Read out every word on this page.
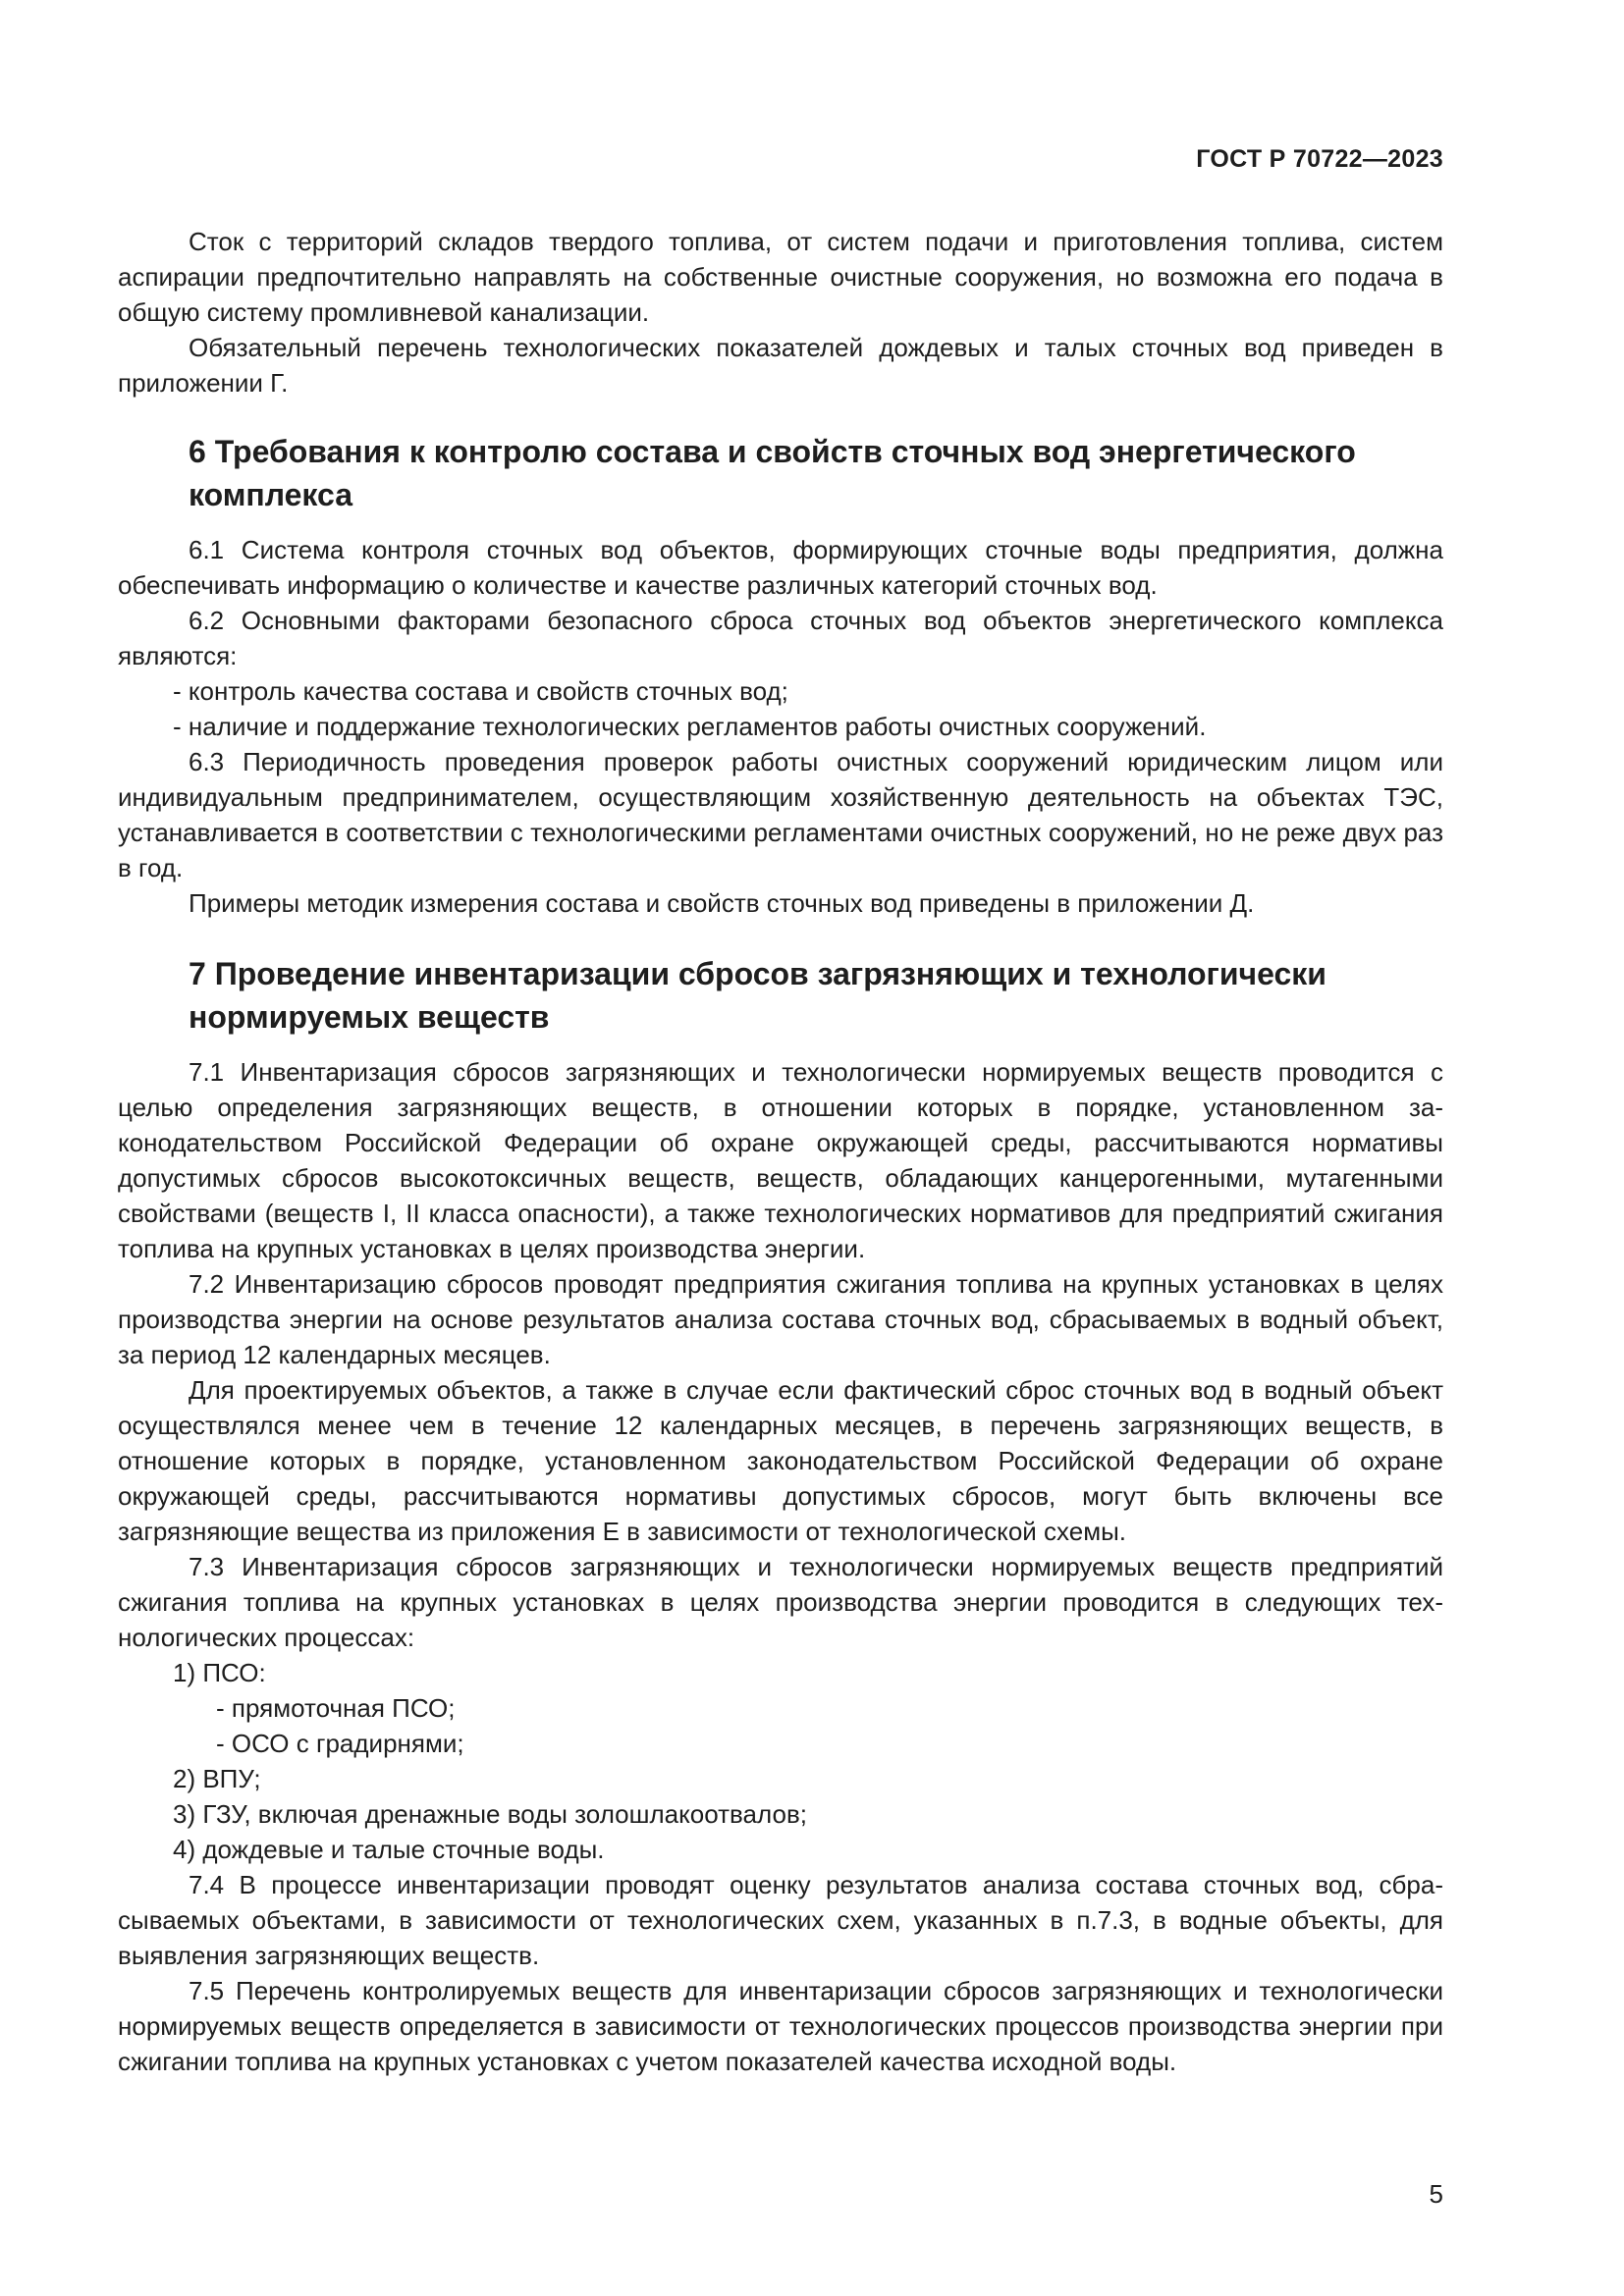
ГОСТ Р 70722—2023

Сток с территорий складов твердого топлива, от систем подачи и приготовления топлива, систем аспирации предпочтительно направлять на собственные очистные сооружения, но возможна его подача в общую систему промливневой канализации.

Обязательный перечень технологических показателей дождевых и талых сточных вод приведен в приложении Г.

6 Требования к контролю состава и свойств сточных вод энергетического комплекса

6.1 Система контроля сточных вод объектов, формирующих сточные воды предприятия, должна обеспечивать информацию о количестве и качестве различных категорий сточных вод.

6.2 Основными факторами безопасного сброса сточных вод объектов энергетического комплекса являются:

- контроль качества состава и свойств сточных вод;

- наличие и поддержание технологических регламентов работы очистных сооружений.

6.3 Периодичность проведения проверок работы очистных сооружений юридическим лицом или индивидуальным предпринимателем, осуществляющим хозяйственную деятельность на объектах ТЭС, устанавливается в соответствии с технологическими регламентами очистных сооружений, но не реже двух раз в год.

Примеры методик измерения состава и свойств сточных вод приведены в приложении Д.

7 Проведение инвентаризации сбросов загрязняющих и технологически нормируемых веществ

7.1 Инвентаризация сбросов загрязняющих и технологически нормируемых веществ проводится с целью определения загрязняющих веществ, в отношении которых в порядке, установленном законодательством Российской Федерации об охране окружающей среды, рассчитываются нормативы допустимых сбросов высокотоксичных веществ, веществ, обладающих канцерогенными, мутагенными свойствами (веществ I, II класса опасности), а также технологических нормативов для предприятий сжигания топлива на крупных установках в целях производства энергии.

7.2 Инвентаризацию сбросов проводят предприятия сжигания топлива на крупных установках в целях производства энергии на основе результатов анализа состава сточных вод, сбрасываемых в водный объект, за период 12 календарных месяцев.

Для проектируемых объектов, а также в случае если фактический сброс сточных вод в водный объект осуществлялся менее чем в течение 12 календарных месяцев, в перечень загрязняющих веществ, в отношение которых в порядке, установленном законодательством Российской Федерации об охране окружающей среды, рассчитываются нормативы допустимых сбросов, могут быть включены все загрязняющие вещества из приложения Е в зависимости от технологической схемы.

7.3 Инвентаризация сбросов загрязняющих и технологически нормируемых веществ предприятий сжигания топлива на крупных установках в целях производства энергии проводится в следующих технологических процессах:

1) ПСО:

- прямоточная ПСО;

- ОСО с градирнями;

2) ВПУ;

3) ГЗУ, включая дренажные воды золошлакоотвалов;

4) дождевые и талые сточные воды.

7.4 В процессе инвентаризации проводят оценку результатов анализа состава сточных вод, сбрасываемых объектами, в зависимости от технологических схем, указанных в п.7.3, в водные объекты, для выявления загрязняющих веществ.

7.5 Перечень контролируемых веществ для инвентаризации сбросов загрязняющих и технологически нормируемых веществ определяется в зависимости от технологических процессов производства энергии при сжигании топлива на крупных установках с учетом показателей качества исходной воды.

5
